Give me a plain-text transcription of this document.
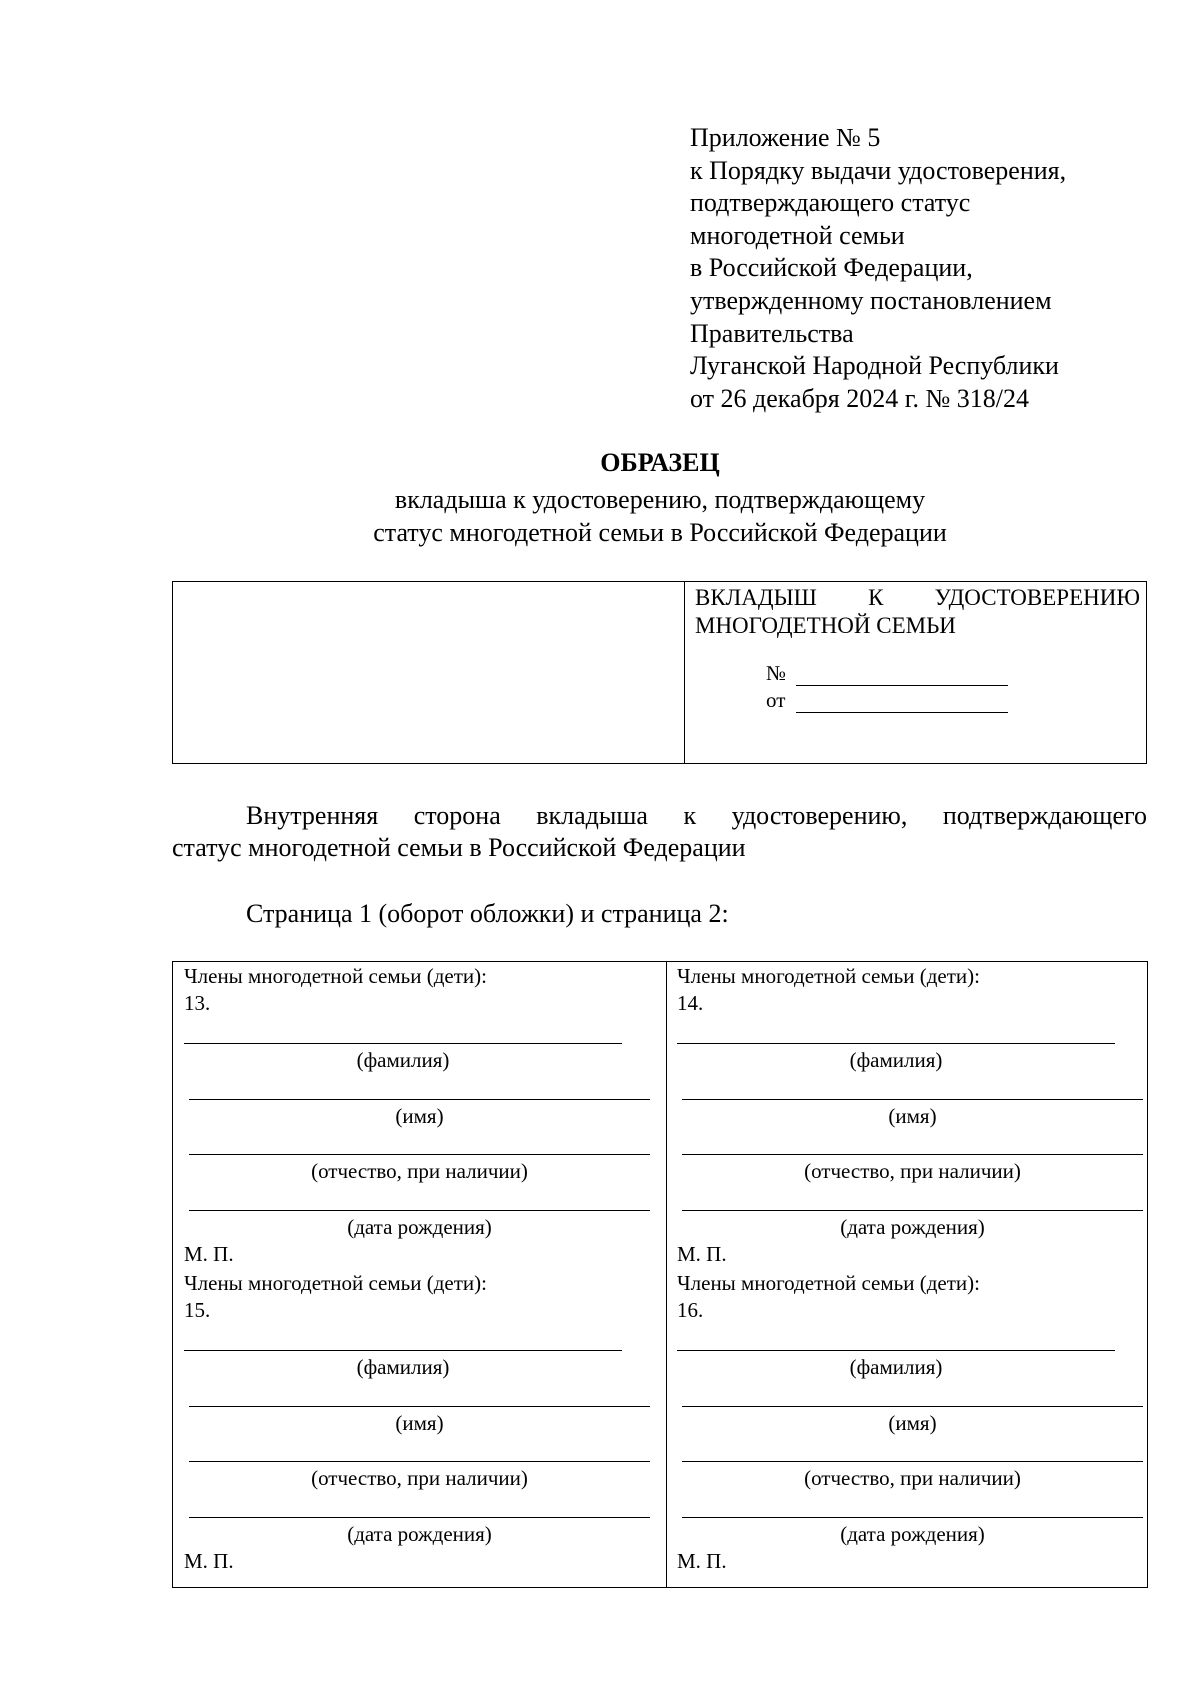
Приложение № 5
к Порядку выдачи удостоверения,
подтверждающего статус
многодетной семьи
в Российской Федерации,
утвержденному постановлением
Правительства
Луганской Народной Республики
от 26 декабря 2024 г. № 318/24
ОБРАЗЕЦ
вкладыша к удостоверению, подтверждающему
статус многодетной семьи в Российской Федерации
ВКЛАДЫШ К УДОСТОВЕРЕНИЮ
МНОГОДЕТНОЙ СЕМЬИ
№
от
Внутренняя сторона вкладыша к удостоверению, подтверждающего
статус многодетной семьи в Российской Федерации
Страница 1 (оборот обложки) и страница 2:
Члены многодетной семьи (дети):
13.
(фамилия)
(имя)
(отчество, при наличии)
(дата рождения)
М. П.
Члены многодетной семьи (дети):
14.
(фамилия)
(имя)
(отчество, при наличии)
(дата рождения)
М. П.
Члены многодетной семьи (дети):
15.
(фамилия)
(имя)
(отчество, при наличии)
(дата рождения)
М. П.
Члены многодетной семьи (дети):
16.
(фамилия)
(имя)
(отчество, при наличии)
(дата рождения)
М. П.
